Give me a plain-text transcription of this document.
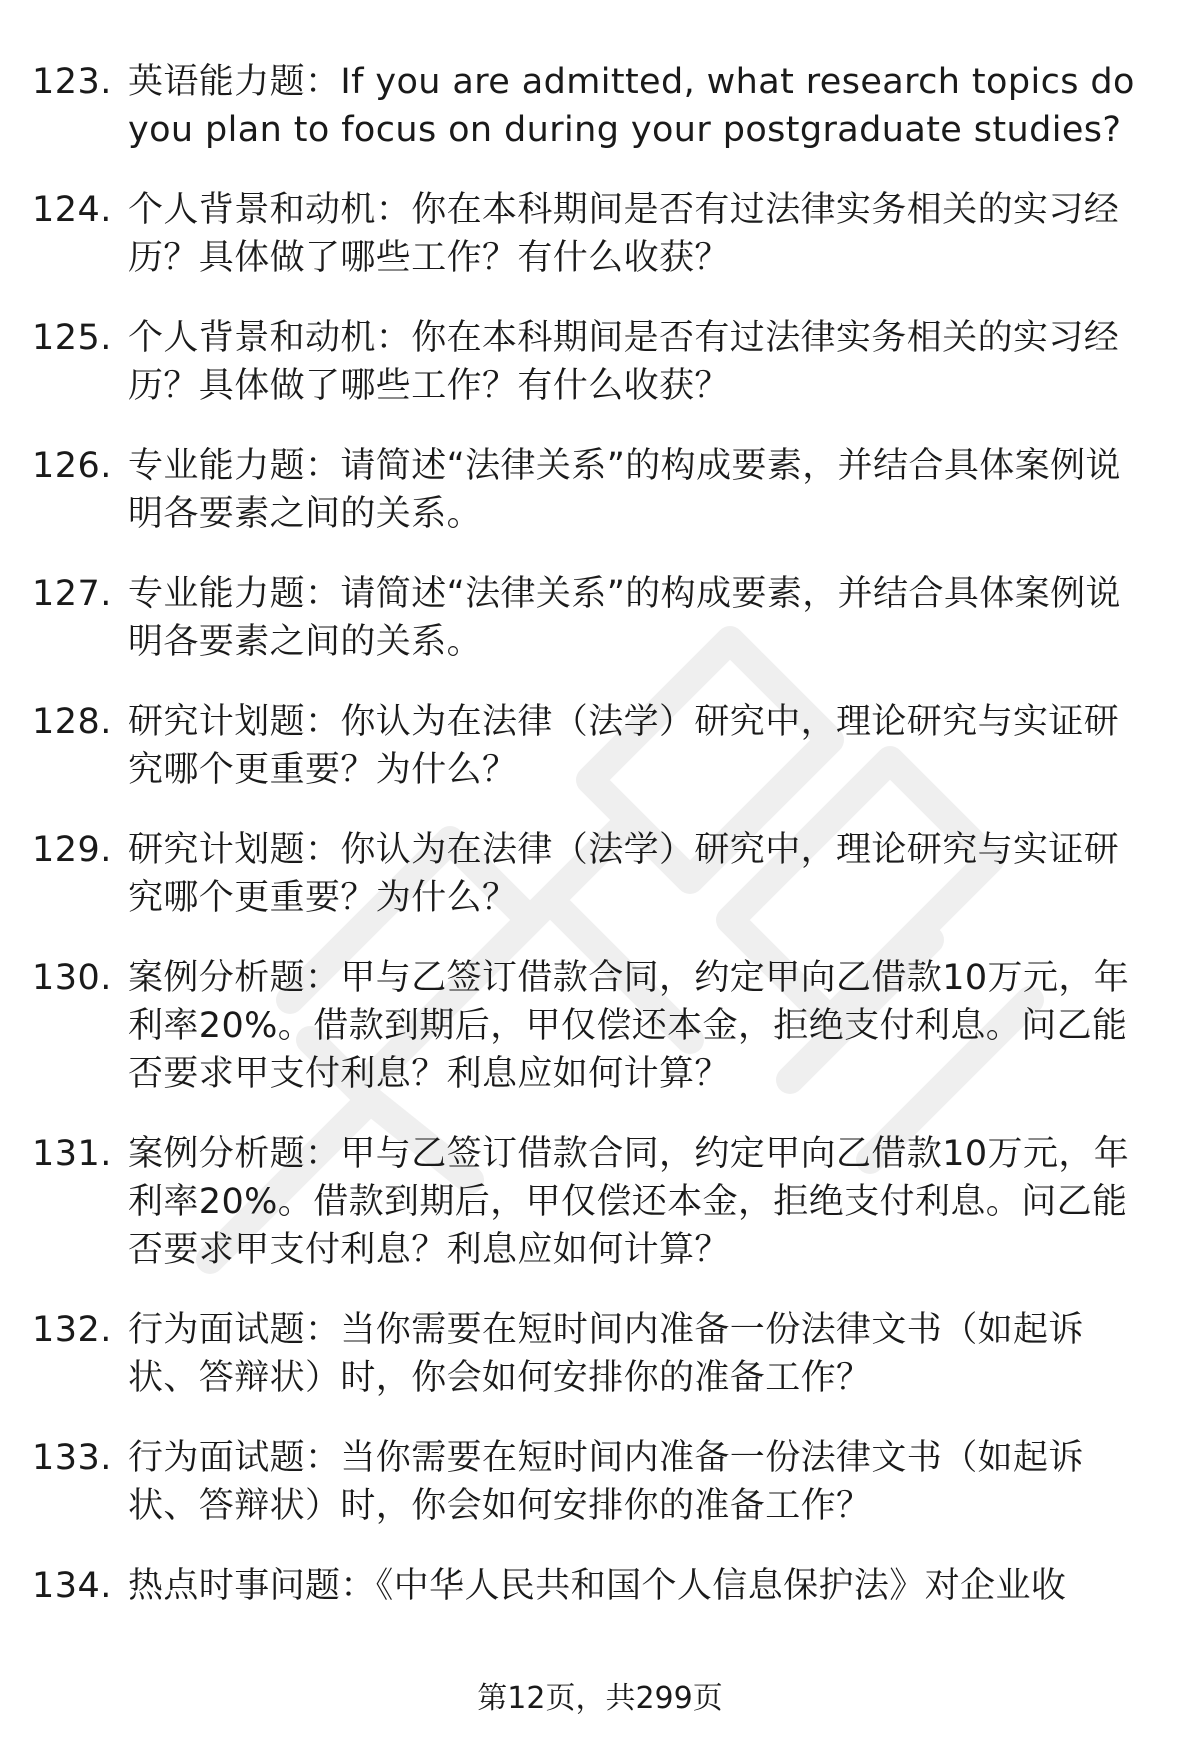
123. 英语能力题：If you are admitted, what research topics do you plan to focus on during your postgraduate studies?
124. 个人背景和动机：你在本科期间是否有过法律实务相关的实习经历？具体做了哪些工作？有什么收获？
125. 个人背景和动机：你在本科期间是否有过法律实务相关的实习经历？具体做了哪些工作？有什么收获？
126. 专业能力题：请简述“法律关系”的构成要素，并结合具体案例说明各要素之间的关系。
127. 专业能力题：请简述“法律关系”的构成要素，并结合具体案例说明各要素之间的关系。
128. 研究计划题：你认为在法律（法学）研究中，理论研究与实证研究哪个更重要？为什么？
129. 研究计划题：你认为在法律（法学）研究中，理论研究与实证研究哪个更重要？为什么？
130. 案例分析题：甲与乙签订借款合同，约定甲向乙借款10万元，年利率20%。借款到期后，甲仅偿还本金，拒绝支付利息。问乙能否要求甲支付利息？利息应如何计算？
131. 案例分析题：甲与乙签订借款合同，约定甲向乙借款10万元，年利率20%。借款到期后，甲仅偿还本金，拒绝支付利息。问乙能否要求甲支付利息？利息应如何计算？
132. 行为面试题：当你需要在短时间内准备一份法律文书（如起诉状、答辩状）时，你会如何安排你的准备工作？
133. 行为面试题：当你需要在短时间内准备一份法律文书（如起诉状、答辩状）时，你会如何安排你的准备工作？
134. 热点时事问题：《中华人民共和国个人信息保护法》对企业收
第12页，共299页
